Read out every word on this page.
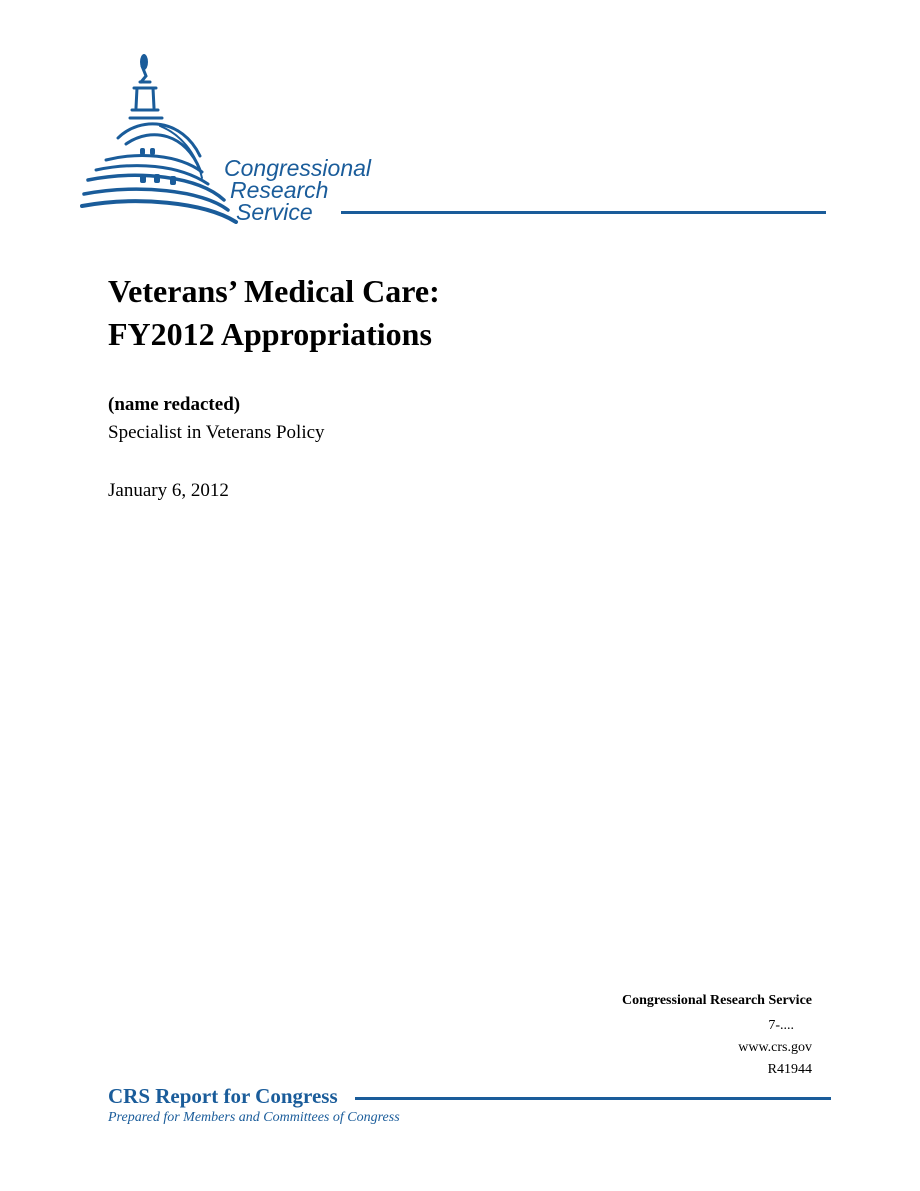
Congressional
Research
Service
Veterans’ Medical Care:
FY2012 Appropriations
(name redacted)
Specialist in Veterans Policy
January 6, 2012
Congressional Research Service
7-....
www.crs.gov
R41944
CRS Report for Congress
Prepared for Members and Committees of Congress
